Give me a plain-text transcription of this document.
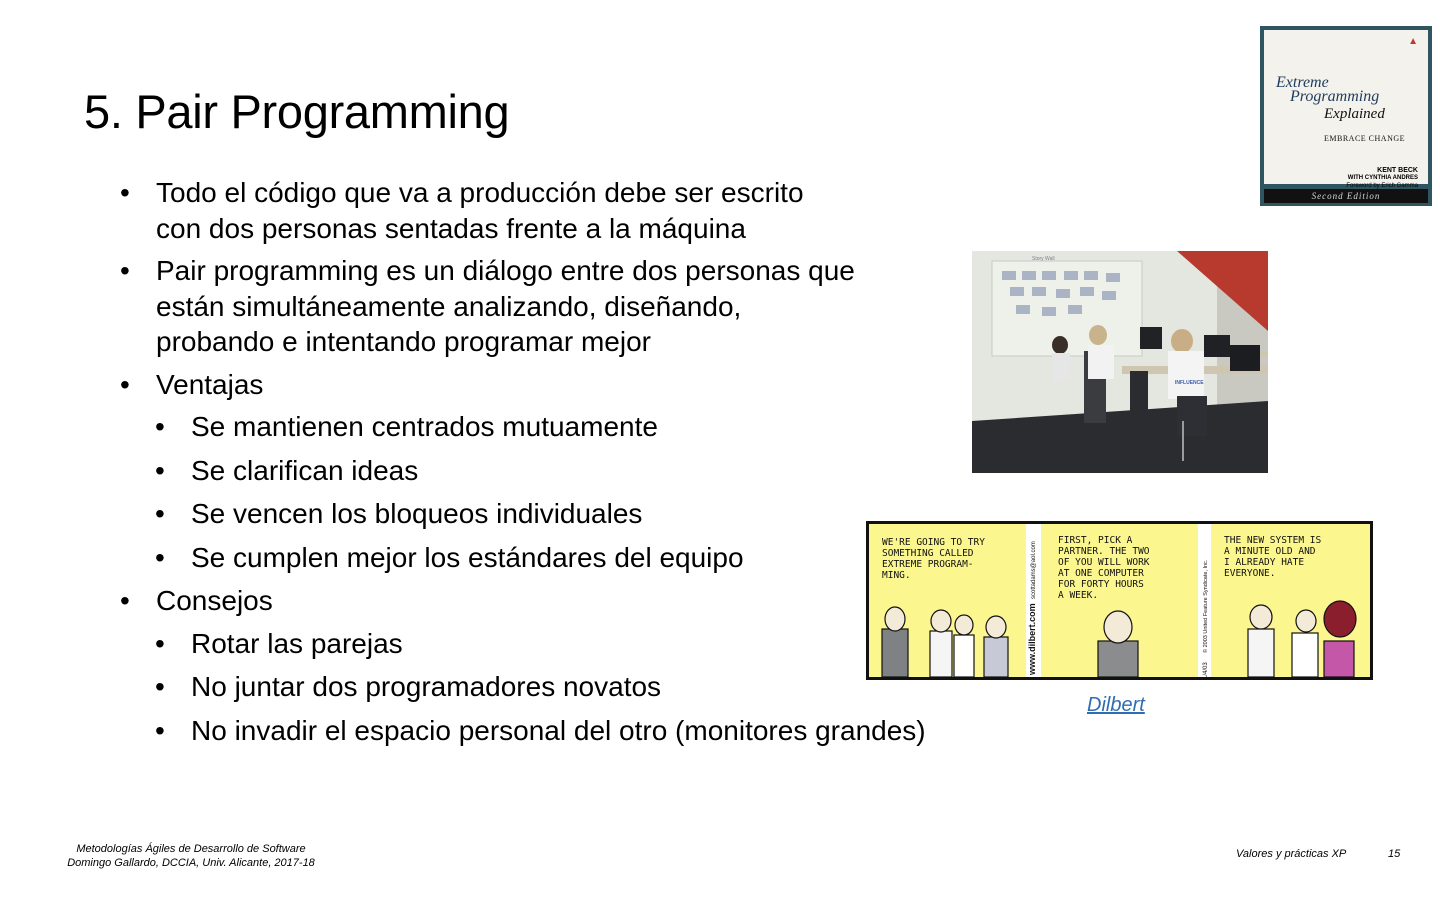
5. Pair Programming
• Todo el código que va a producción debe ser escrito con dos personas sentadas frente a la máquina
• Pair programming es un diálogo entre dos personas que están simultáneamente analizando, diseñando, probando e intentando programar mejor
• Ventajas
• Se mantienen centrados mutuamente
• Se clarifican ideas
• Se vencen los bloqueos individuales
• Se cumplen mejor los estándares del equipo
• Consejos
• Rotar las parejas
• No juntar dos programadores novatos
• No invadir el espacio personal del otro (monitores grandes)
▲
Extreme
Programming
Explained
EMBRACE CHANGE
KENT BECK
WITH CYNTHIA ANDRES
Foreword by Erich Gamma
Second Edition
Story Wall
INFLUENCE
WE'RE GOING TO TRY
SOMETHING CALLED
EXTREME PROGRAM-
MING.
FIRST, PICK A
PARTNER. THE TWO
OF YOU WILL WORK
AT ONE COMPUTER
FOR FORTY HOURS
A WEEK.
THE NEW SYSTEM IS
A MINUTE OLD AND
I ALREADY HATE
EVERYONE.
www.dilbert.com
scottadams@aol.com	© 2003 United Feature Syndicate, Inc.
1/4/03
Dilbert
Metodologías Ágiles de Desarrollo de Software
Domingo Gallardo, DCCIA, Univ. Alicante, 2017-18
Valores y prácticas XP	15
